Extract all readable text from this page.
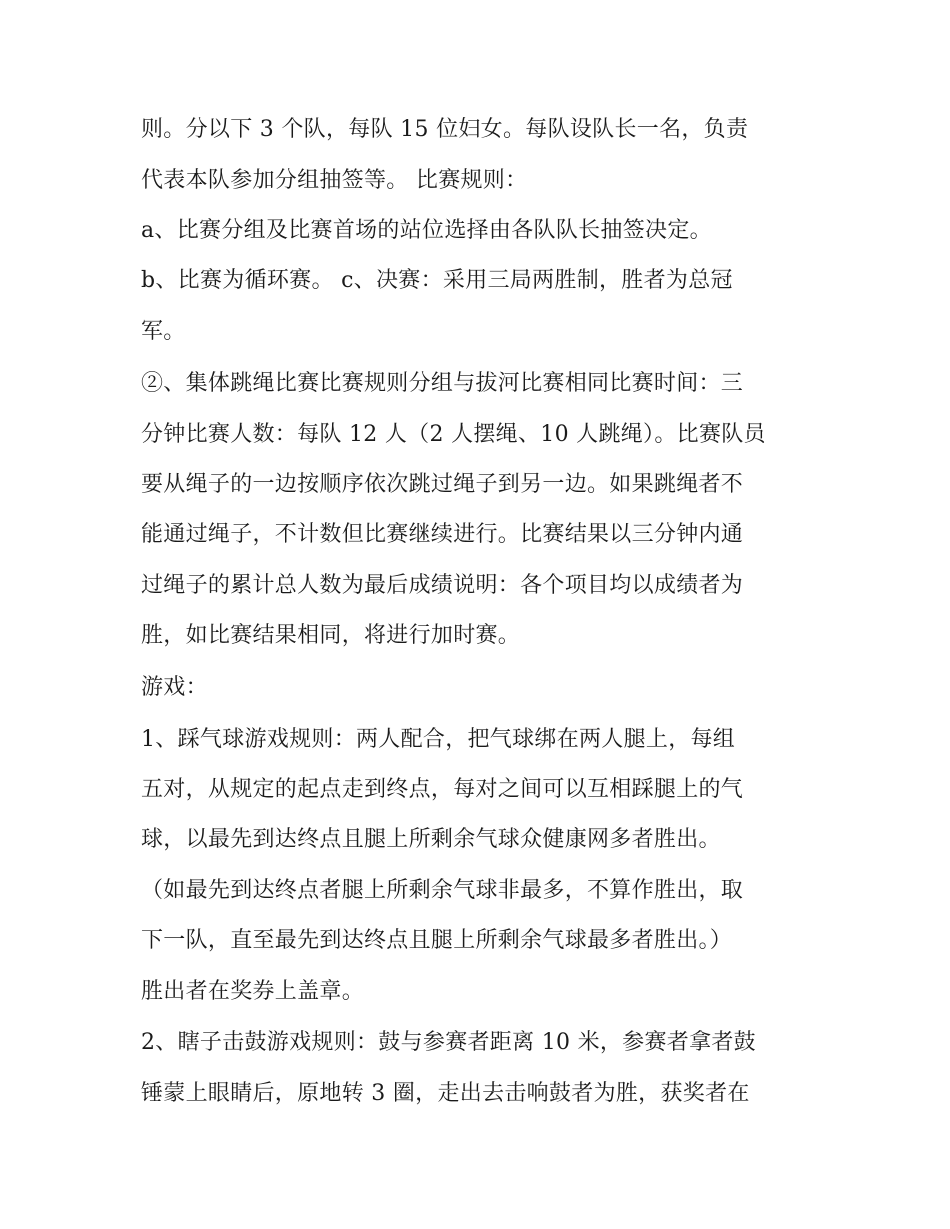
则。分以下 3 个队，每队 15 位妇女。每队设队长一名，负责
代表本队参加分组抽签等。 比赛规则：
a、比赛分组及比赛首场的站位选择由各队队长抽签决定。
b、比赛为循环赛。 c、决赛：采用三局两胜制，胜者为总冠
军。
②、集体跳绳比赛比赛规则分组与拔河比赛相同比赛时间：三
分钟比赛人数：每队 12 人（2 人摆绳、10 人跳绳）。比赛队员
要从绳子的一边按顺序依次跳过绳子到另一边。如果跳绳者不
能通过绳子，不计数但比赛继续进行。比赛结果以三分钟内通
过绳子的累计总人数为最后成绩说明：各个项目均以成绩者为
胜，如比赛结果相同，将进行加时赛。
游戏：
1、踩气球游戏规则：两人配合，把气球绑在两人腿上，每组
五对，从规定的起点走到终点，每对之间可以互相踩腿上的气
球，以最先到达终点且腿上所剩余气球众健康网多者胜出。
（如最先到达终点者腿上所剩余气球非最多，不算作胜出，取
下一队，直至最先到达终点且腿上所剩余气球最多者胜出。）
胜出者在奖券上盖章。
2、瞎子击鼓游戏规则：鼓与参赛者距离 10 米，参赛者拿者鼓
锤蒙上眼睛后，原地转 3 圈，走出去击响鼓者为胜，获奖者在
